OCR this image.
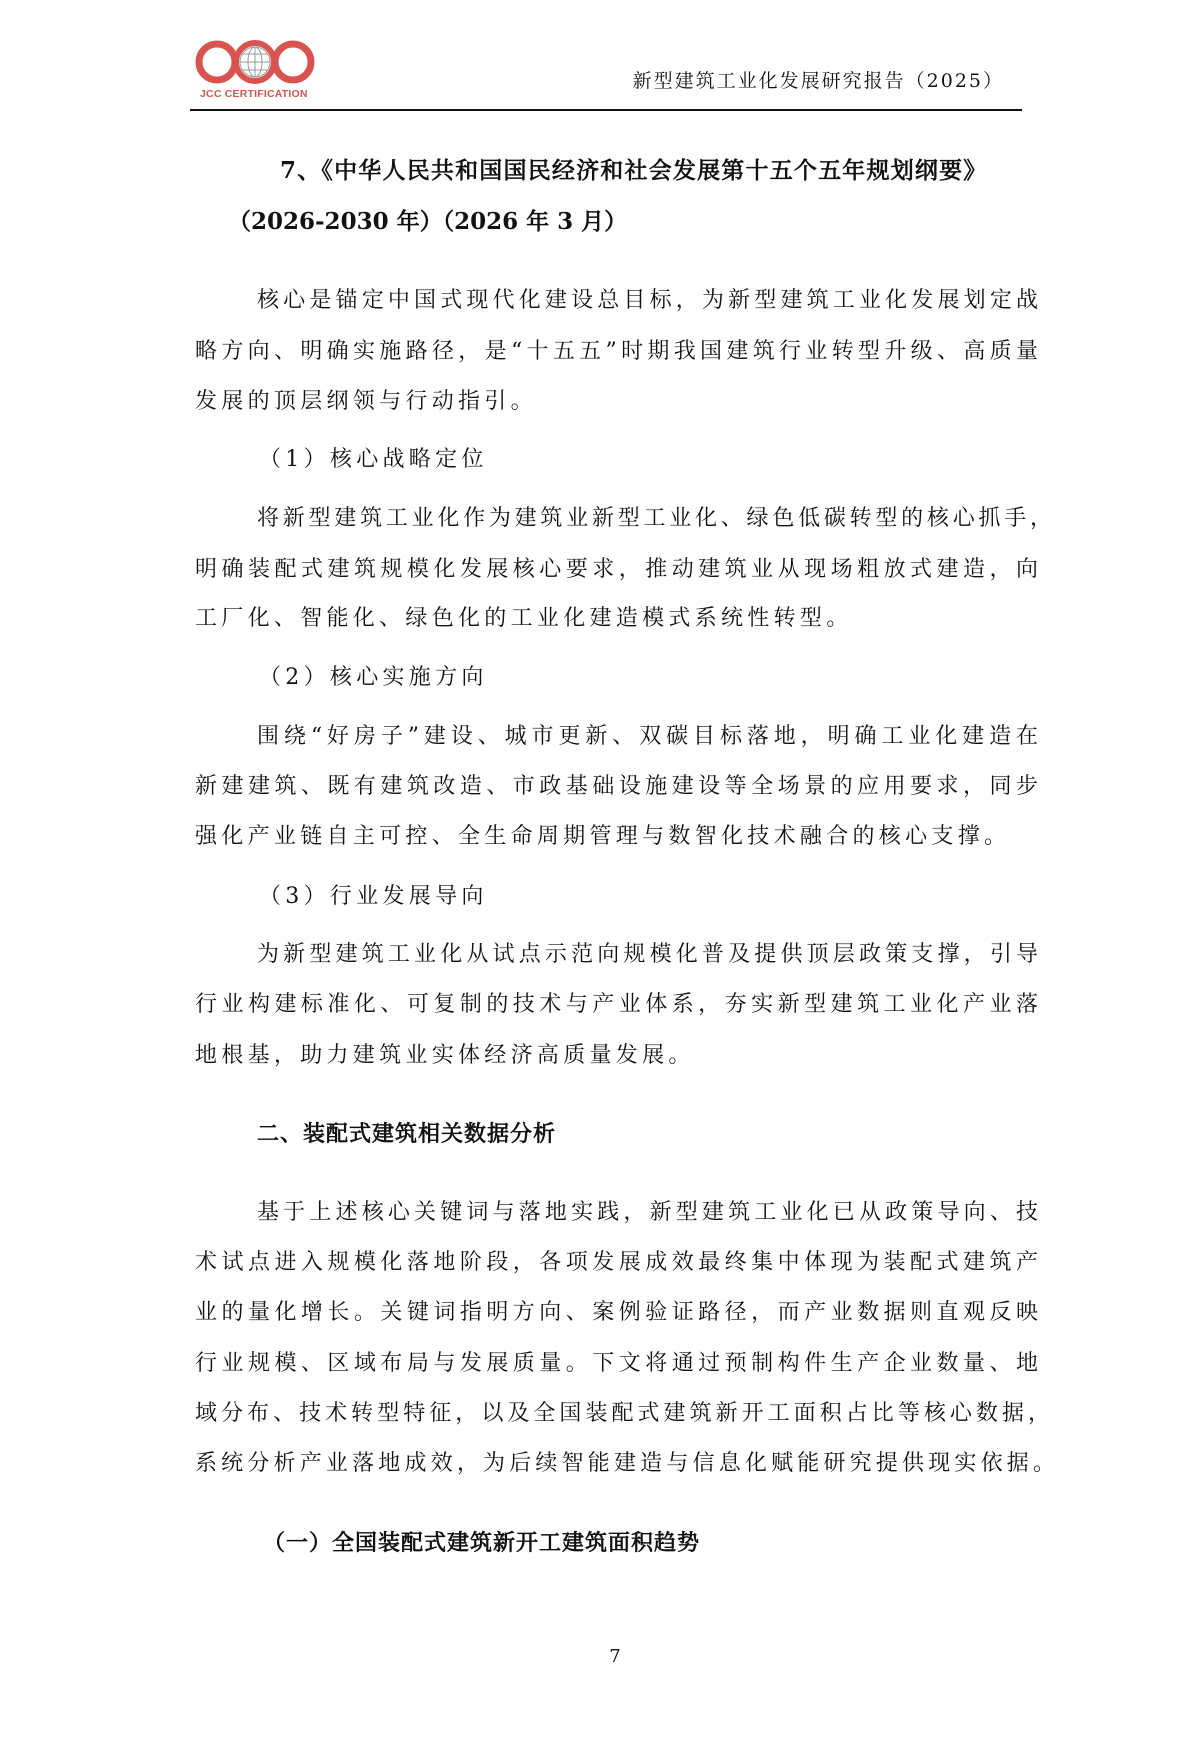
JCC CERTIFICATION
新型建筑工业化发展研究报告（2025）
7、《中华人民共和国国民经济和社会发展第十五个五年规划纲要》
（2026-2030 年）（2026 年 3 月）
核心是锚定中国式现代化建设总目标，为新型建筑工业化发展划定战
略方向、明确实施路径，是“十五五”时期我国建筑行业转型升级、高质量
发展的顶层纲领与行动指引。
（1）核心战略定位
将新型建筑工业化作为建筑业新型工业化、绿色低碳转型的核心抓手，
明确装配式建筑规模化发展核心要求，推动建筑业从现场粗放式建造，向
工厂化、智能化、绿色化的工业化建造模式系统性转型。
（2）核心实施方向
围绕“好房子”建设、城市更新、双碳目标落地，明确工业化建造在
新建建筑、既有建筑改造、市政基础设施建设等全场景的应用要求，同步
强化产业链自主可控、全生命周期管理与数智化技术融合的核心支撑。
（3）行业发展导向
为新型建筑工业化从试点示范向规模化普及提供顶层政策支撑，引导
行业构建标准化、可复制的技术与产业体系，夯实新型建筑工业化产业落
地根基，助力建筑业实体经济高质量发展。
二、装配式建筑相关数据分析
基于上述核心关键词与落地实践，新型建筑工业化已从政策导向、技
术试点进入规模化落地阶段，各项发展成效最终集中体现为装配式建筑产
业的量化增长。关键词指明方向、案例验证路径，而产业数据则直观反映
行业规模、区域布局与发展质量。下文将通过预制构件生产企业数量、地
域分布、技术转型特征，以及全国装配式建筑新开工面积占比等核心数据，
系统分析产业落地成效，为后续智能建造与信息化赋能研究提供现实依据。
（一）全国装配式建筑新开工建筑面积趋势
7
